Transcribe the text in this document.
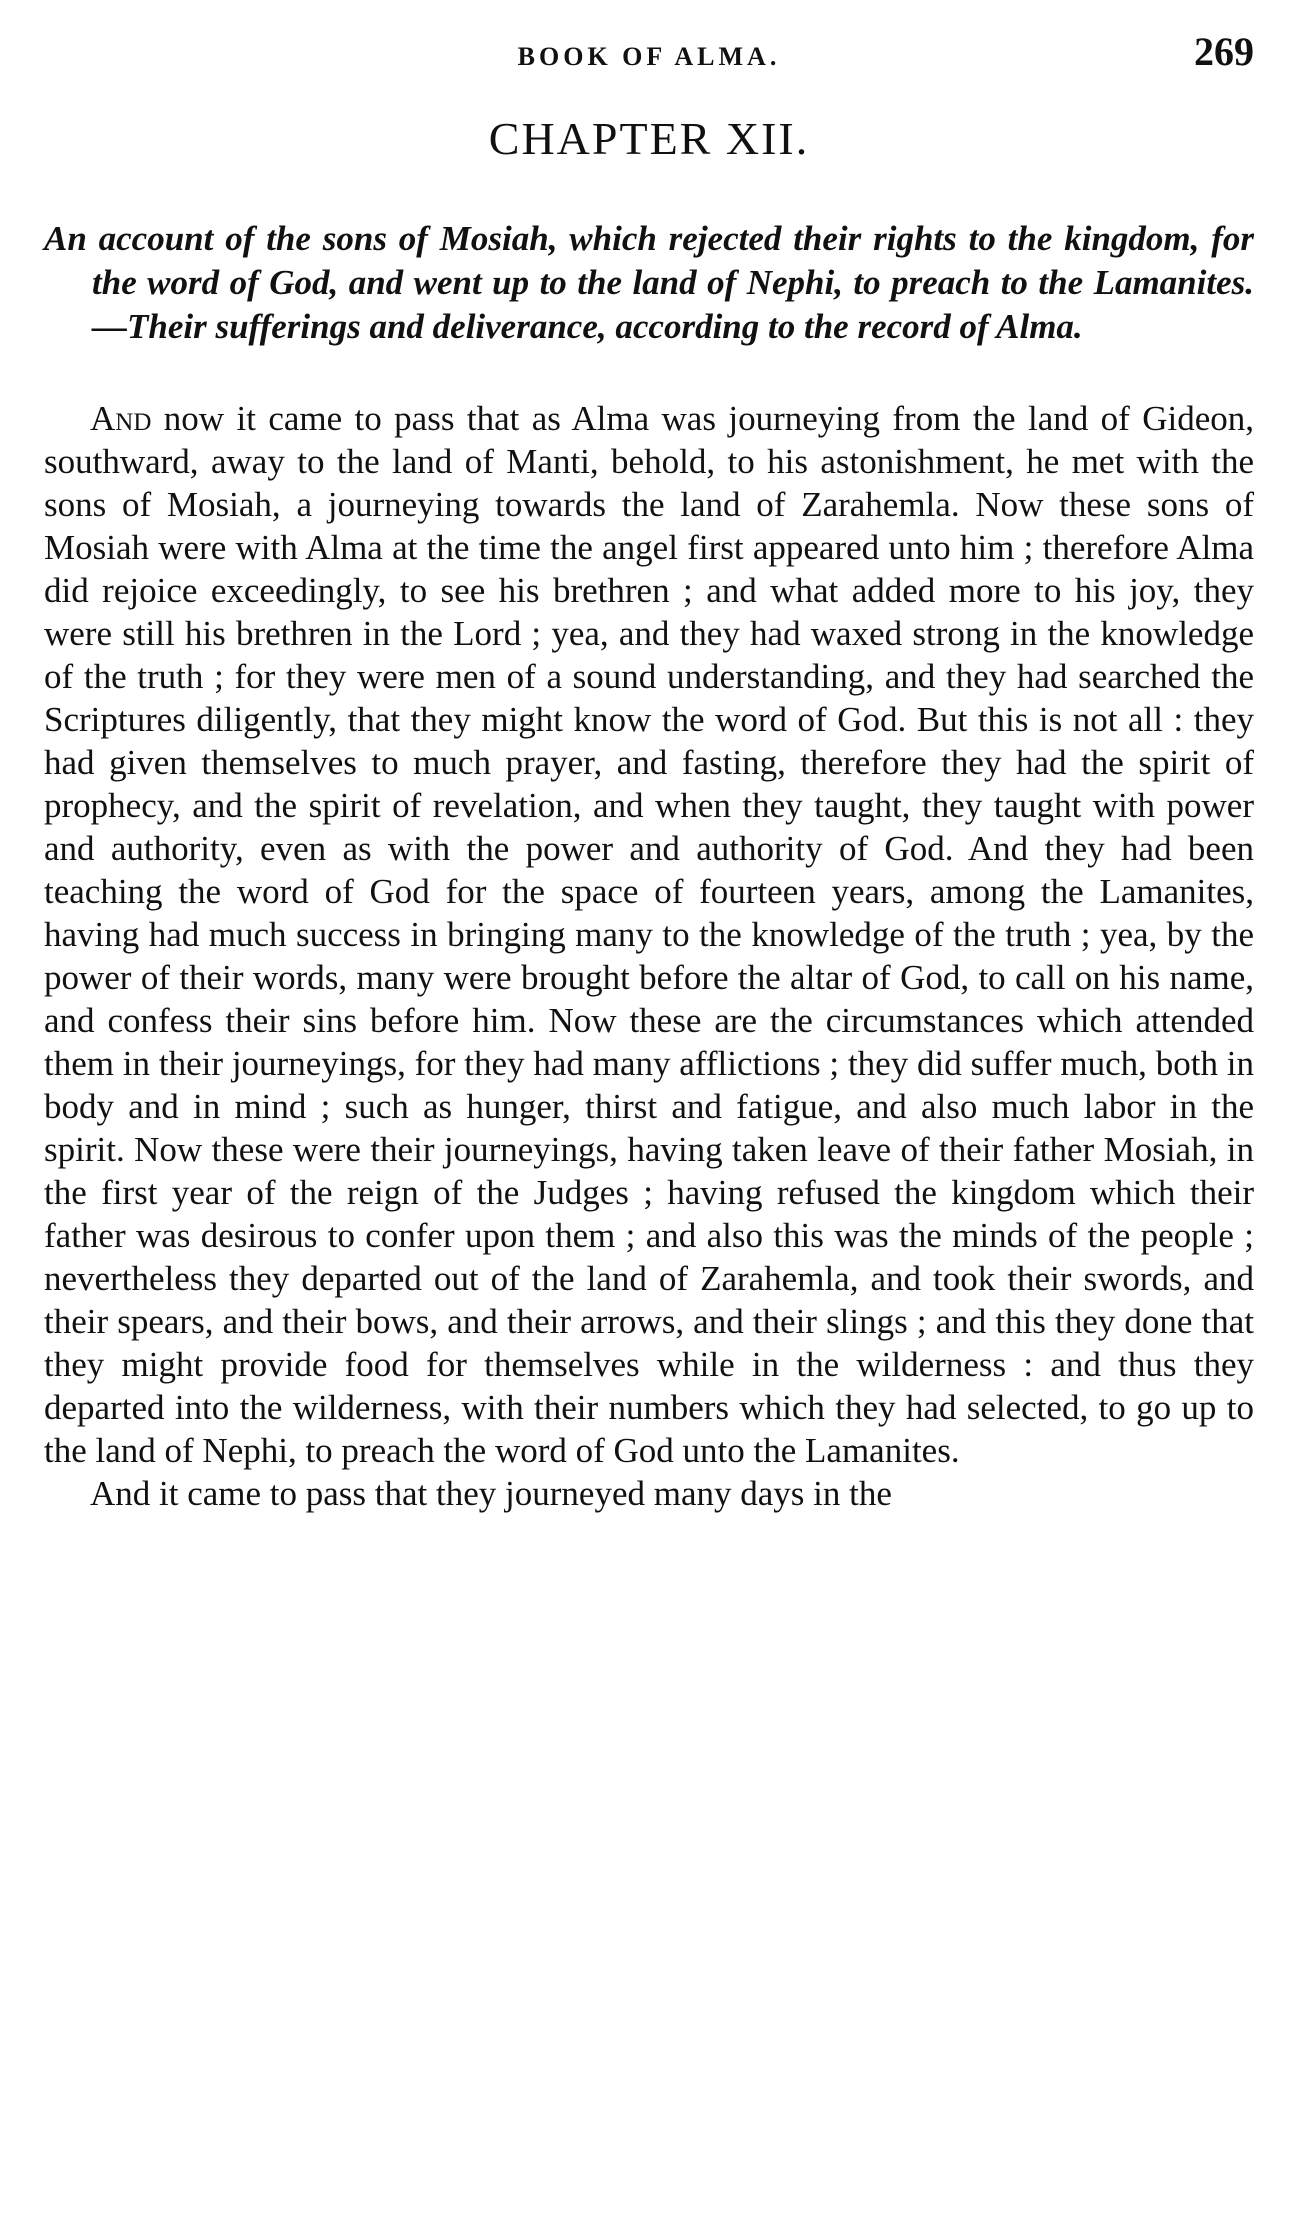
BOOK OF ALMA.	269
CHAPTER XII.

An account of the sons of Mosiah, which rejected their rights to the kingdom, for the word of God, and went up to the land of Nephi, to preach to the Lamanites.—Their sufferings and deliverance, according to the record of Alma.

And now it came to pass that as Alma was journeying from the land of Gideon, southward, away to the land of Manti, behold, to his astonishment, he met with the sons of Mosiah, a journeying towards the land of Zarahemla. Now these sons of Mosiah were with Alma at the time the angel first appeared unto him ; therefore Alma did rejoice exceedingly, to see his brethren ; and what added more to his joy, they were still his brethren in the Lord ; yea, and they had waxed strong in the knowledge of the truth ; for they were men of a sound understanding, and they had searched the Scriptures diligently, that they might know the word of God. But this is not all : they had given themselves to much prayer, and fasting, therefore they had the spirit of prophecy, and the spirit of revelation, and when they taught, they taught with power and authority, even as with the power and authority of God. And they had been teaching the word of God for the space of fourteen years, among the Lamanites, having had much success in bringing many to the knowledge of the truth ; yea, by the power of their words, many were brought before the altar of God, to call on his name, and confess their sins before him. Now these are the circumstances which attended them in their journeyings, for they had many afflictions ; they did suffer much, both in body and in mind ; such as hunger, thirst and fatigue, and also much labor in the spirit. Now these were their journeyings, having taken leave of their father Mosiah, in the first year of the reign of the Judges ; having refused the kingdom which their father was desirous to confer upon them ; and also this was the minds of the people ; nevertheless they departed out of the land of Zarahemla, and took their swords, and their spears, and their bows, and their arrows, and their slings ; and this they done that they might provide food for themselves while in the wilderness : and thus they departed into the wilderness, with their numbers which they had selected, to go up to the land of Nephi, to preach the word of God unto the Lamanites.

And it came to pass that they journeyed many days in the
